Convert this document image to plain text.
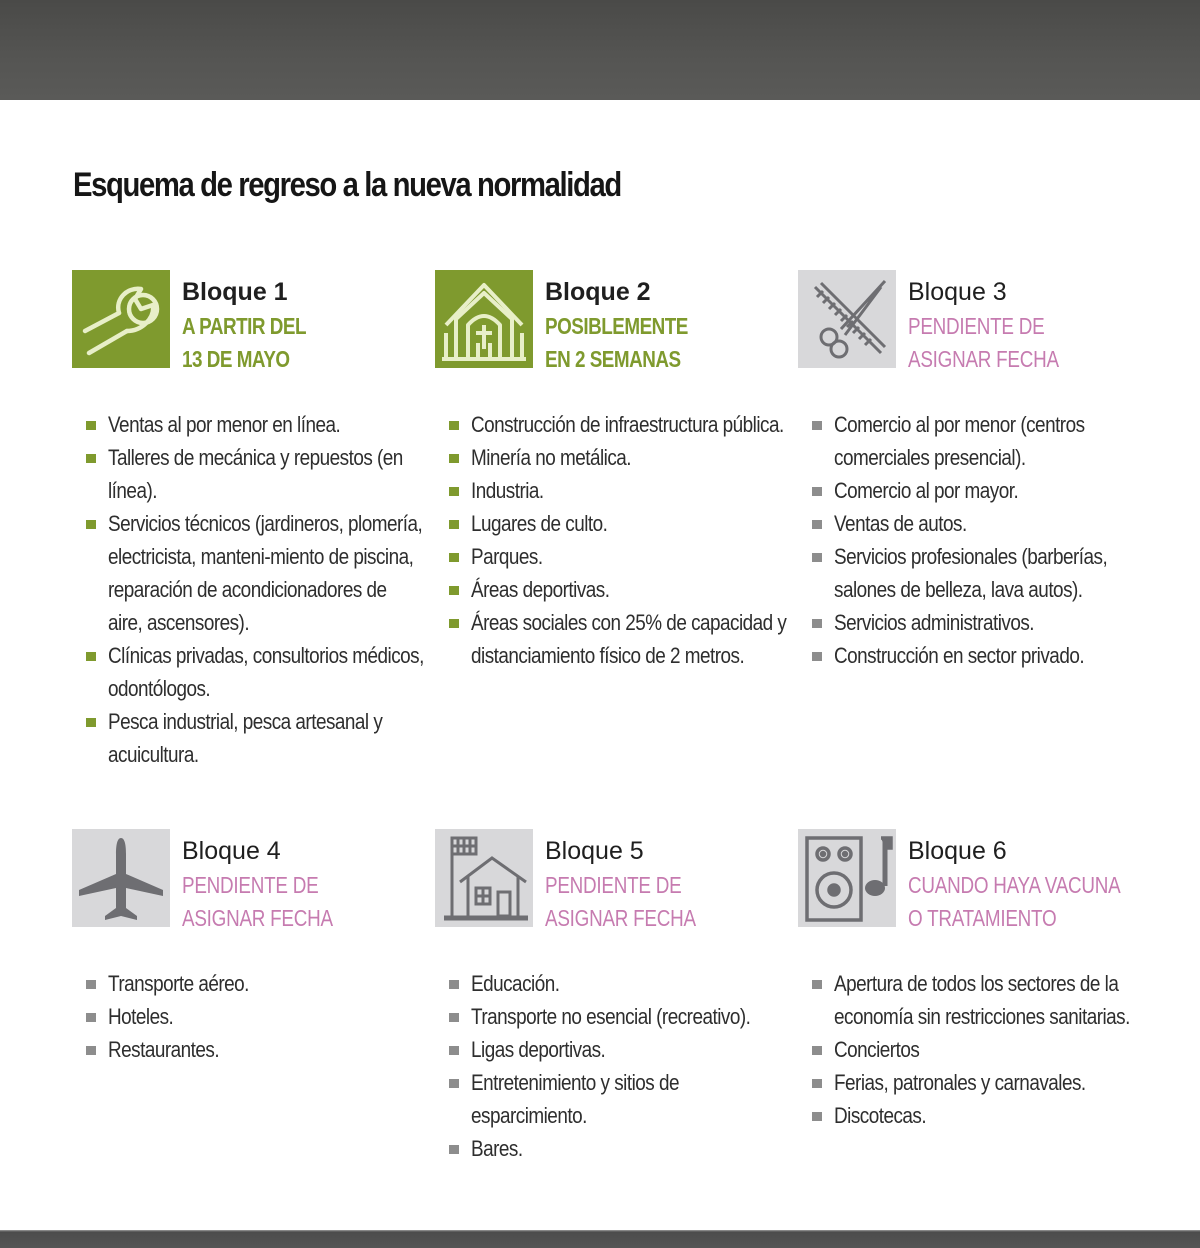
Esquema de regreso a la nueva normalidad
Bloque 1
A PARTIR DEL
13 DE MAYO
Ventas al por menor en línea.
Talleres de mecánica y repuestos (en línea).
Servicios técnicos (jardineros, plomería, electricista, manteni-miento de piscina, reparación de acondicionadores de aire, ascensores).
Clínicas privadas, consultorios médicos, odontólogos.
Pesca industrial, pesca artesanal y acuicultura.
Bloque 2
POSIBLEMENTE
EN 2 SEMANAS
Construcción de infraestructura pública.
Minería no metálica.
Industria.
Lugares de culto.
Parques.
Áreas deportivas.
Áreas sociales con 25% de capacidad y distanciamiento físico de 2 metros.
Bloque 3
PENDIENTE DE
ASIGNAR FECHA
Comercio al por menor (centros comerciales presencial).
Comercio al por mayor.
Ventas de autos.
Servicios profesionales (barberías, salones de belleza, lava autos).
Servicios administrativos.
Construcción en sector privado.
Bloque 4
PENDIENTE DE
ASIGNAR FECHA
Transporte aéreo.
Hoteles.
Restaurantes.
Bloque 5
PENDIENTE DE
ASIGNAR FECHA
Educación.
Transporte no esencial (recreativo).
Ligas deportivas.
Entretenimiento y sitios de esparcimiento.
Bares.
Bloque 6
CUANDO HAYA VACUNA
O TRATAMIENTO
Apertura de todos los sectores de la economía sin restricciones sanitarias.
Conciertos
Ferias, patronales y carnavales.
Discotecas.
